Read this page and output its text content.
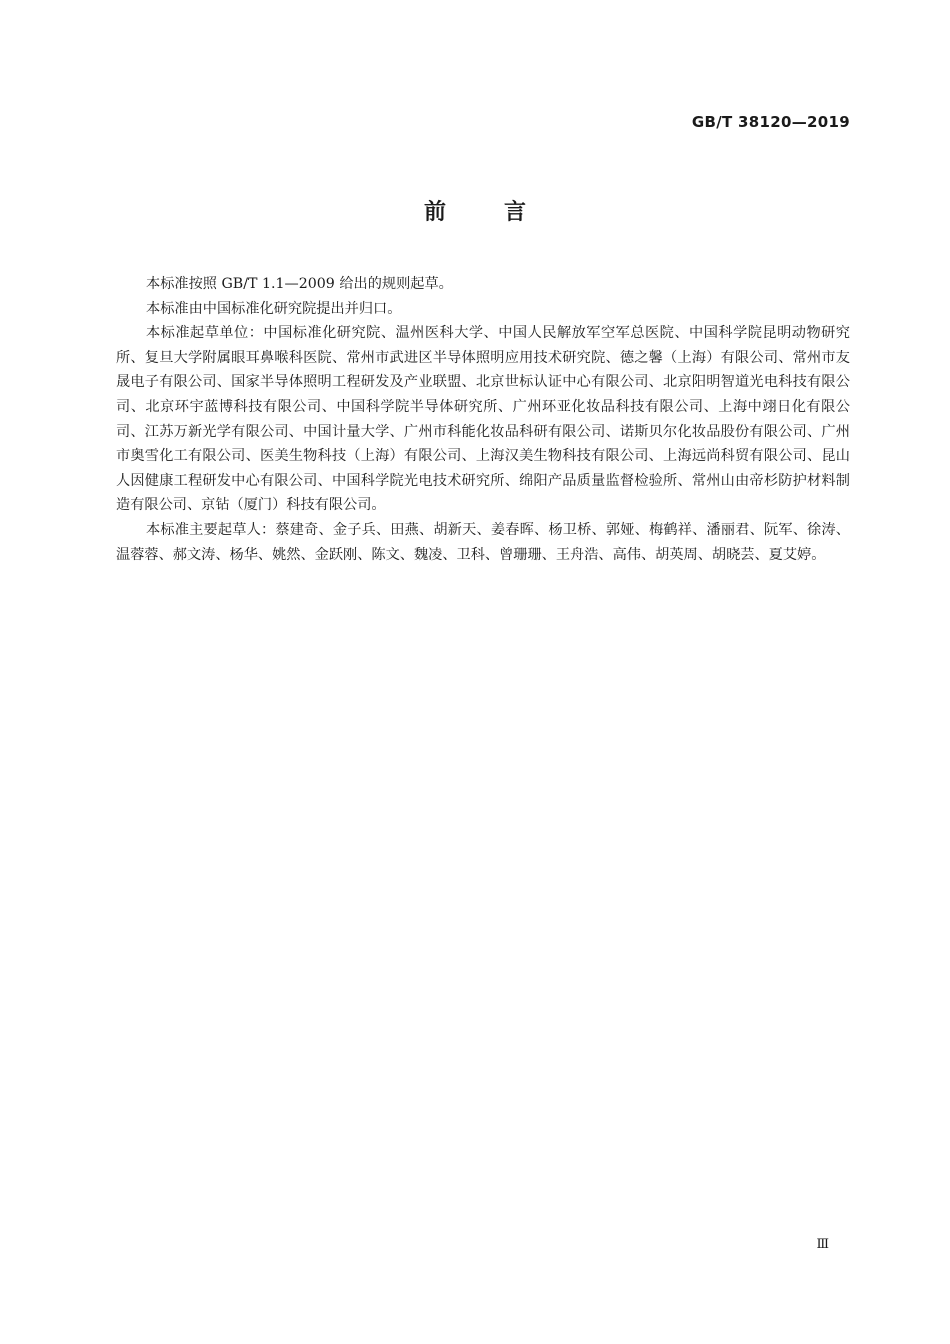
GB/T 38120—2019
前言

本标准按照 GB/T 1.1—2009 给出的规则起草。

本标准由中国标准化研究院提出并归口。

本标准起草单位：中国标准化研究院、温州医科大学、中国人民解放军空军总医院、中国科学院昆明动物研究所、复旦大学附属眼耳鼻喉科医院、常州市武进区半导体照明应用技术研究院、德之馨（上海）有限公司、常州市友晟电子有限公司、国家半导体照明工程研发及产业联盟、北京世标认证中心有限公司、北京阳明智道光电科技有限公司、北京环宇蓝博科技有限公司、中国科学院半导体研究所、广州环亚化妆品科技有限公司、上海中翊日化有限公司、江苏万新光学有限公司、中国计量大学、广州市科能化妆品科研有限公司、诺斯贝尔化妆品股份有限公司、广州市奥雪化工有限公司、医美生物科技（上海）有限公司、上海汉美生物科技有限公司、上海远尚科贸有限公司、昆山人因健康工程研发中心有限公司、中国科学院光电技术研究所、绵阳产品质量监督检验所、常州山由帝杉防护材料制造有限公司、京钻（厦门）科技有限公司。

本标准主要起草人：蔡建奇、金子兵、田燕、胡新天、姜春晖、杨卫桥、郭娅、梅鹤祥、潘丽君、阮军、徐涛、温蓉蓉、郝文涛、杨华、姚然、金跃刚、陈文、魏凌、卫科、曾珊珊、王舟浩、高伟、胡英周、胡晓芸、夏艾婷。

Ⅲ
